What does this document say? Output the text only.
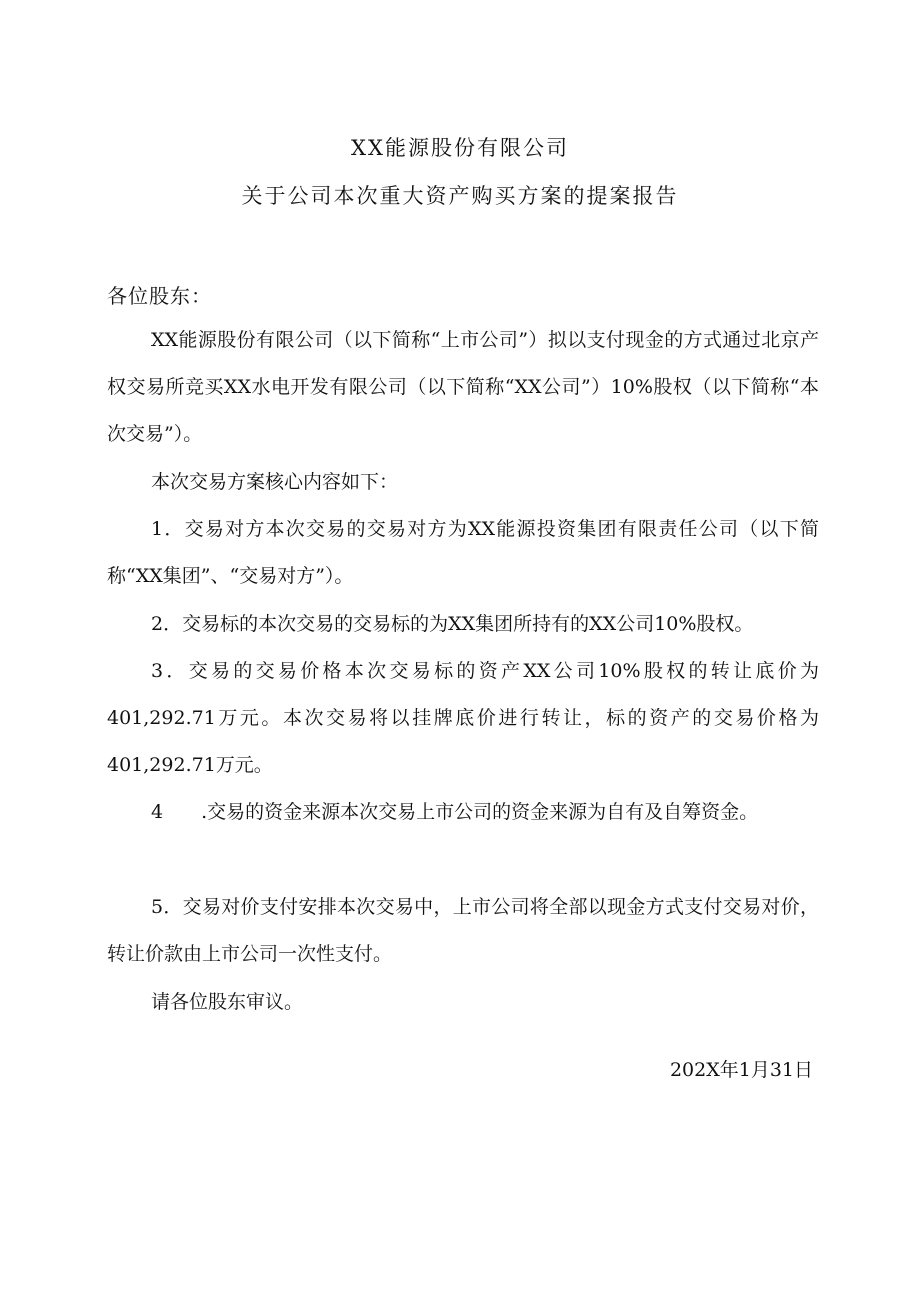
XX能源股份有限公司
关于公司本次重大资产购买方案的提案报告
各位股东：

XX能源股份有限公司（以下简称“上市公司”）拟以支付现金的方式通过北京产权交易所竞买XX水电开发有限公司（以下简称“XX公司”）10%股权（以下简称“本次交易”）。

本次交易方案核心内容如下：

1．交易对方本次交易的交易对方为XX能源投资集团有限责任公司（以下简称“XX集团”、“交易对方”）。

2．交易标的本次交易的交易标的为XX集团所持有的XX公司10%股权。

3．交易的交易价格本次交易标的资产XX公司10%股权的转让底价为401,292.71万元。本次交易将以挂牌底价进行转让，标的资产的交易价格为401,292.71万元。

4　　.交易的资金来源本次交易上市公司的资金来源为自有及自筹资金。

5．交易对价支付安排本次交易中，上市公司将全部以现金方式支付交易对价，转让价款由上市公司一次性支付。

请各位股东审议。

202X年1月31日
